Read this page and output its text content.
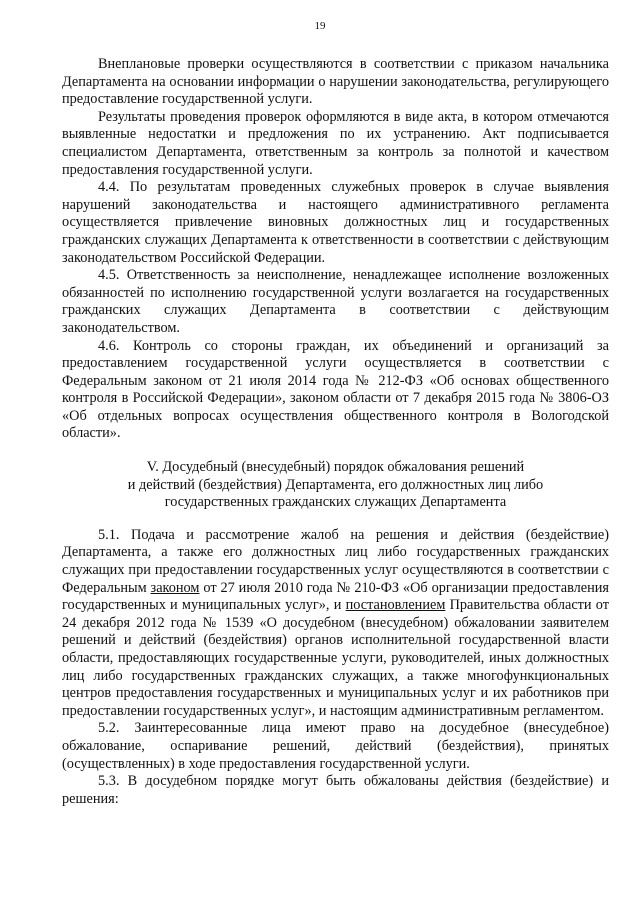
19

Внеплановые проверки осуществляются в соответствии с приказом начальника Департамента на основании информации о нарушении законодательства, регулирующего предоставление государственной услуги.

Результаты проведения проверок оформляются в виде акта, в котором отмечаются выявленные недостатки и предложения по их устранению. Акт подписывается специалистом Департамента, ответственным за контроль за полнотой и качеством предоставления государственной услуги.

4.4. По результатам проведенных служебных проверок в случае выявления нарушений законодательства и настоящего административного регламента осуществляется привлечение виновных должностных лиц и государственных гражданских служащих Департамента к ответственности в соответствии с действующим законодательством Российской Федерации.

4.5. Ответственность за неисполнение, ненадлежащее исполнение возложенных обязанностей по исполнению государственной услуги возлагается на государственных гражданских служащих Департамента в соответствии с действующим законодательством.

4.6. Контроль со стороны граждан, их объединений и организаций за предоставлением государственной услуги осуществляется в соответствии с Федеральным законом от 21 июля 2014 года № 212-ФЗ «Об основах общественного контроля в Российской Федерации», законом области от 7 декабря 2015 года № 3806-ОЗ «Об отдельных вопросах осуществления общественного контроля в Вологодской области».

V. Досудебный (внесудебный) порядок обжалования решений
и действий (бездействия) Департамента, его должностных лиц либо
государственных гражданских служащих Департамента

5.1. Подача и рассмотрение жалоб на решения и действия (бездействие) Департамента, а также его должностных лиц либо государственных гражданских служащих при предоставлении государственных услуг осуществляются в соответствии с Федеральным законом от 27 июля 2010 года № 210-ФЗ «Об организации предоставления государственных и муниципальных услуг», и постановлением Правительства области от 24 декабря 2012 года № 1539 «О досудебном (внесудебном) обжаловании заявителем решений и действий (бездействия) органов исполнительной государственной власти области, предоставляющих государственные услуги, руководителей, иных должностных лиц либо государственных гражданских служащих, а также многофункциональных центров предоставления государственных и муниципальных услуг и их работников при предоставлении государственных услуг», и настоящим административным регламентом.

5.2. Заинтересованные лица имеют право на досудебное (внесудебное) обжалование, оспаривание решений, действий (бездействия), принятых (осуществленных) в ходе предоставления государственной услуги.

5.3. В досудебном порядке могут быть обжалованы действия (бездействие) и решения:
